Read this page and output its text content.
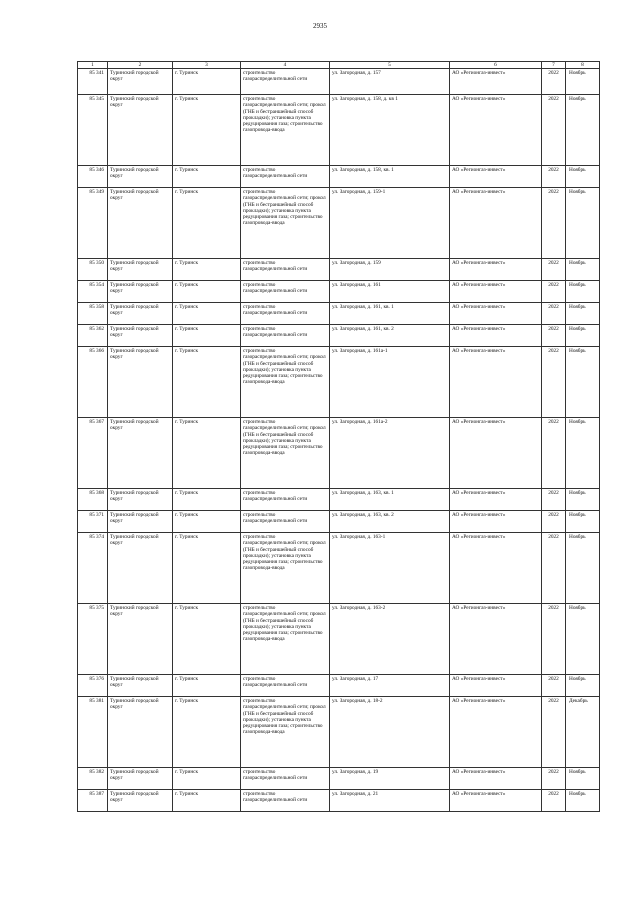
2935
1	2	3	4	5	6	7	8
85 341	Туринский городской округ	г. Туринск	строительство газораспределительной сети	ул. Загородная, д. 157	АО «Регионгаз-инвест»	2022	Ноябрь
85 345	Туринский городской округ	г. Туринск	строительство газораспределительной сети; прокол (ГНБ и бестраншейный способ прокладки); установка пункта редуцирования газа; строительство газопровода-ввода	ул. Загородная, д. 158, д. кв 1	АО «Регионгаз-инвест»	2022	Ноябрь
85 346	Туринский городской округ	г. Туринск	строительство газораспределительной сети	ул. Загородная, д. 158, кв. 1	АО «Регионгаз-инвест»	2022	Ноябрь
85 349	Туринский городской округ	г. Туринск	строительство газораспределительной сети; прокол (ГНБ и бестраншейный способ прокладки); установка пункта редуцирования газа; строительство газопровода-ввода	ул. Загородная, д. 159-1	АО «Регионгаз-инвест»	2022	Ноябрь
85 350	Туринский городской округ	г. Туринск	строительство газораспределительной сети	ул. Загородная, д. 159	АО «Регионгаз-инвест»	2022	Ноябрь
85 354	Туринский городской округ	г. Туринск	строительство газораспределительной сети	ул. Загородная, д. 161	АО «Регионгаз-инвест»	2022	Ноябрь
85 358	Туринский городской округ	г. Туринск	строительство газораспределительной сети	ул. Загородная, д. 161, кв. 1	АО «Регионгаз-инвест»	2022	Ноябрь
85 362	Туринский городской округ	г. Туринск	строительство газораспределительной сети	ул. Загородная, д. 161, кв. 2	АО «Регионгаз-инвест»	2022	Ноябрь
85 366	Туринский городской округ	г. Туринск	строительство газораспределительной сети; прокол (ГНБ и бестраншейный способ прокладки); установка пункта редуцирования газа; строительство газопровода-ввода	ул. Загородная, д. 161а-1	АО «Регионгаз-инвест»	2022	Ноябрь
85 367	Туринский городской округ	г. Туринск	строительство газораспределительной сети; прокол (ГНБ и бестраншейный способ прокладки); установка пункта редуцирования газа; строительство газопровода-ввода	ул. Загородная, д. 161а-2	АО «Регионгаз-инвест»	2022	Ноябрь
85 368	Туринский городской округ	г. Туринск	строительство газораспределительной сети	ул. Загородная, д. 163, кв. 1	АО «Регионгаз-инвест»	2022	Ноябрь
85 371	Туринский городской округ	г. Туринск	строительство газораспределительной сети	ул. Загородная, д. 163, кв. 2	АО «Регионгаз-инвест»	2022	Ноябрь
85 374	Туринский городской округ	г. Туринск	строительство газораспределительной сети; прокол (ГНБ и бестраншейный способ прокладки); установка пункта редуцирования газа; строительство газопровода-ввода	ул. Загородная, д. 163-1	АО «Регионгаз-инвест»	2022	Ноябрь
85 375	Туринский городской округ	г. Туринск	строительство газораспределительной сети; прокол (ГНБ и бестраншейный способ прокладки); установка пункта редуцирования газа; строительство газопровода-ввода	ул. Загородная, д. 163-2	АО «Регионгаз-инвест»	2022	Ноябрь
85 376	Туринский городской округ	г. Туринск	строительство газораспределительной сети	ул. Загородная, д. 17	АО «Регионгаз-инвест»	2022	Ноябрь
85 381	Туринский городской округ	г. Туринск	строительство газораспределительной сети; прокол (ГНБ и бестраншейный способ прокладки); установка пункта редуцирования газа; строительство газопровода-ввода	ул. Загородная, д. 18-2	АО «Регионгаз-инвест»	2022	Декабрь
85 382	Туринский городской округ	г. Туринск	строительство газораспределительной сети	ул. Загородная, д. 19	АО «Регионгаз-инвест»	2022	Ноябрь
85 387	Туринский городской округ	г. Туринск	строительство газораспределительной сети	ул. Загородная, д. 21	АО «Регионгаз-инвест»	2022	Ноябрь
